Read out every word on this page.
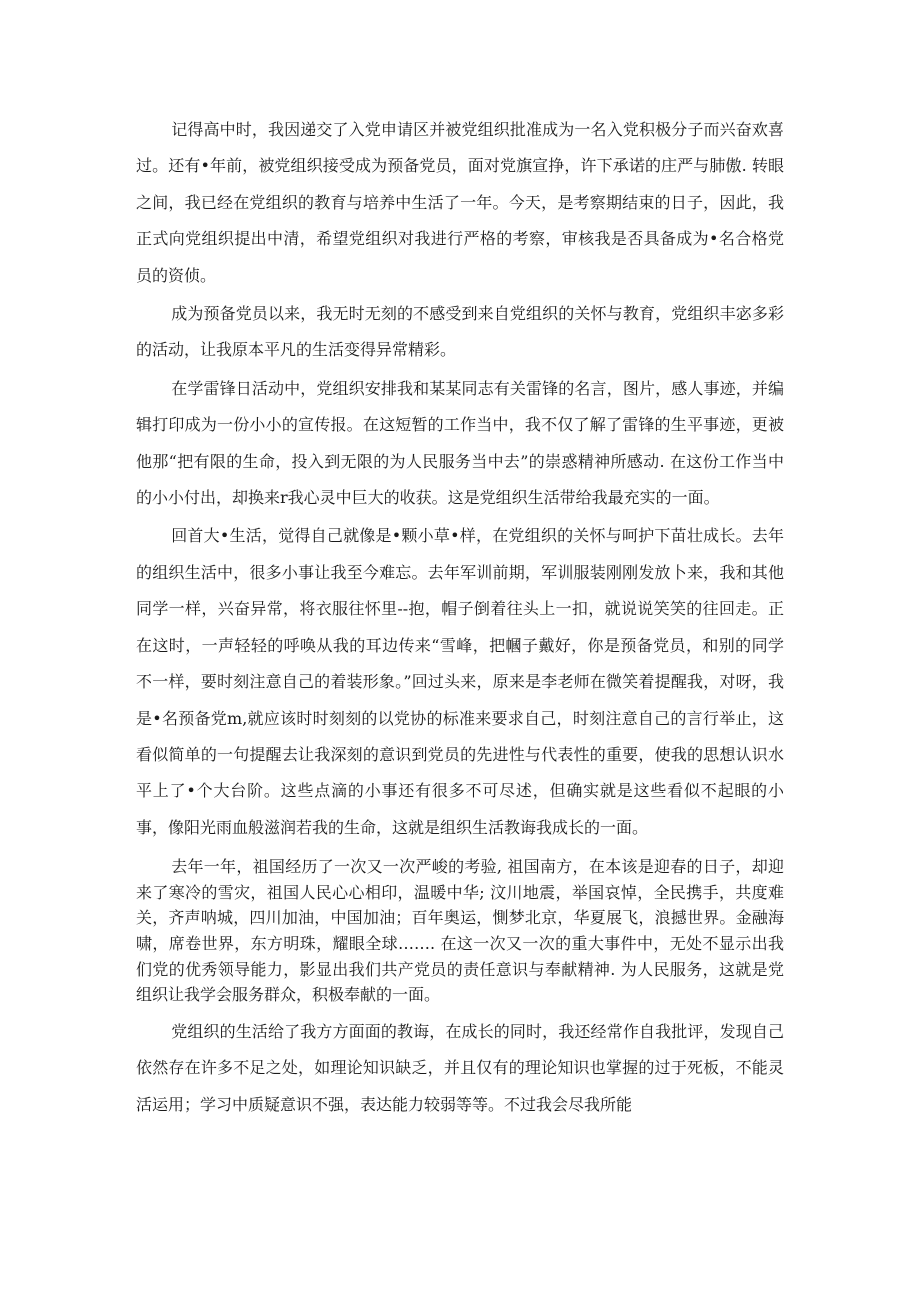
记得高中时，我因递交了入党申请区并被党组织批准成为一名入党积极分子而兴奋欢喜过。还有•年前，被党组织接受成为预备党员，面对党旗宣挣，许下承诺的庄严与肺傲. 转眼之间，我已经在党组织的教育与培养中生活了一年。今天，是考察期结束的日子，因此，我正式向党组织提出中清，希望党组织对我进行严格的考察，审核我是否具备成为•名合格党员的资侦。

成为预备党员以来，我无时无刻的不感受到来自党组织的关怀与教育，党组织丰宓多彩的活动，让我原本平凡的生活变得异常精彩。

在学雷锋日活动中，党组织安排我和某某同志有关雷锋的名言，图片，感人事迹，并编辑打印成为一份小小的宣传报。在这短暂的工作当中，我不仅了解了雷锋的生平事迹，更被他那“把有限的生命，投入到无限的为人民服务当中去”的崇惑精神所感动. 在这份工作当中的小小付出，却换来r我心灵中巨大的收获。这是党组织生活带给我最充实的一面。

回首大•生活，觉得自己就像是•颗小草•样，在党组织的关怀与呵护下苗壮成长。去年的组织生活中，很多小事让我至今难忘。去年军训前期，军训服装刚刚发放卜来，我和其他同学一样，兴奋异常，将衣服往怀里--抱，帽子倒着往头上一扣，就说说笑笑的往回走。正在这时，一声轻轻的呼唤从我的耳边传来“雪峰，把幗子戴好，你是预备党员，和别的同学不一样，要时刻注意自己的着装形象。”回过头来，原来是李老师在微笑着提醒我，对呀，我是•名预备党m,就应该时时刻刻的以党协的标准来要求自己，时刻注意自己的言行举止，这看似简单的一句提醒去让我深刻的意识到党员的先进性与代表性的重要，使我的思想认识水平上了•个大台阶。这些点滴的小事还有很多不可尽述，但确实就是这些看似不起眼的小事，像阳光雨血般滋润若我的生命，这就是组织生活教诲我成长的一面。

去年一年，祖国经历了一次又一次严峻的考验, 祖国南方，在本该是迎春的日子，却迎来了寒冷的雪灾，祖国人民心心相印，温暖中华; 汶川地震，举国哀悼，全民携手，共度难关，齐声呐城，四川加油，中国加油；百年奥运，惻梦北京，华夏展飞，浪撼世界。金融海啸，席卷世界，东方明珠，耀眼全球……. 在这一次又一次的重大事件中，无处不显示出我们党的优秀领导能力，影显出我们共产党员的责任意识与奉献精神. 为人民服务，这就是党组织让我学会服务群众，积极奉献的一面。

党组织的生活给了我方方面面的教诲，在成长的同时，我还经常作自我批评，发现自己依然存在许多不足之处，如理论知识缺乏，并且仅有的理论知识也掌握的过于死板，不能灵活运用；学习中质疑意识不强，表达能力较弱等等。不过我会尽我所能
